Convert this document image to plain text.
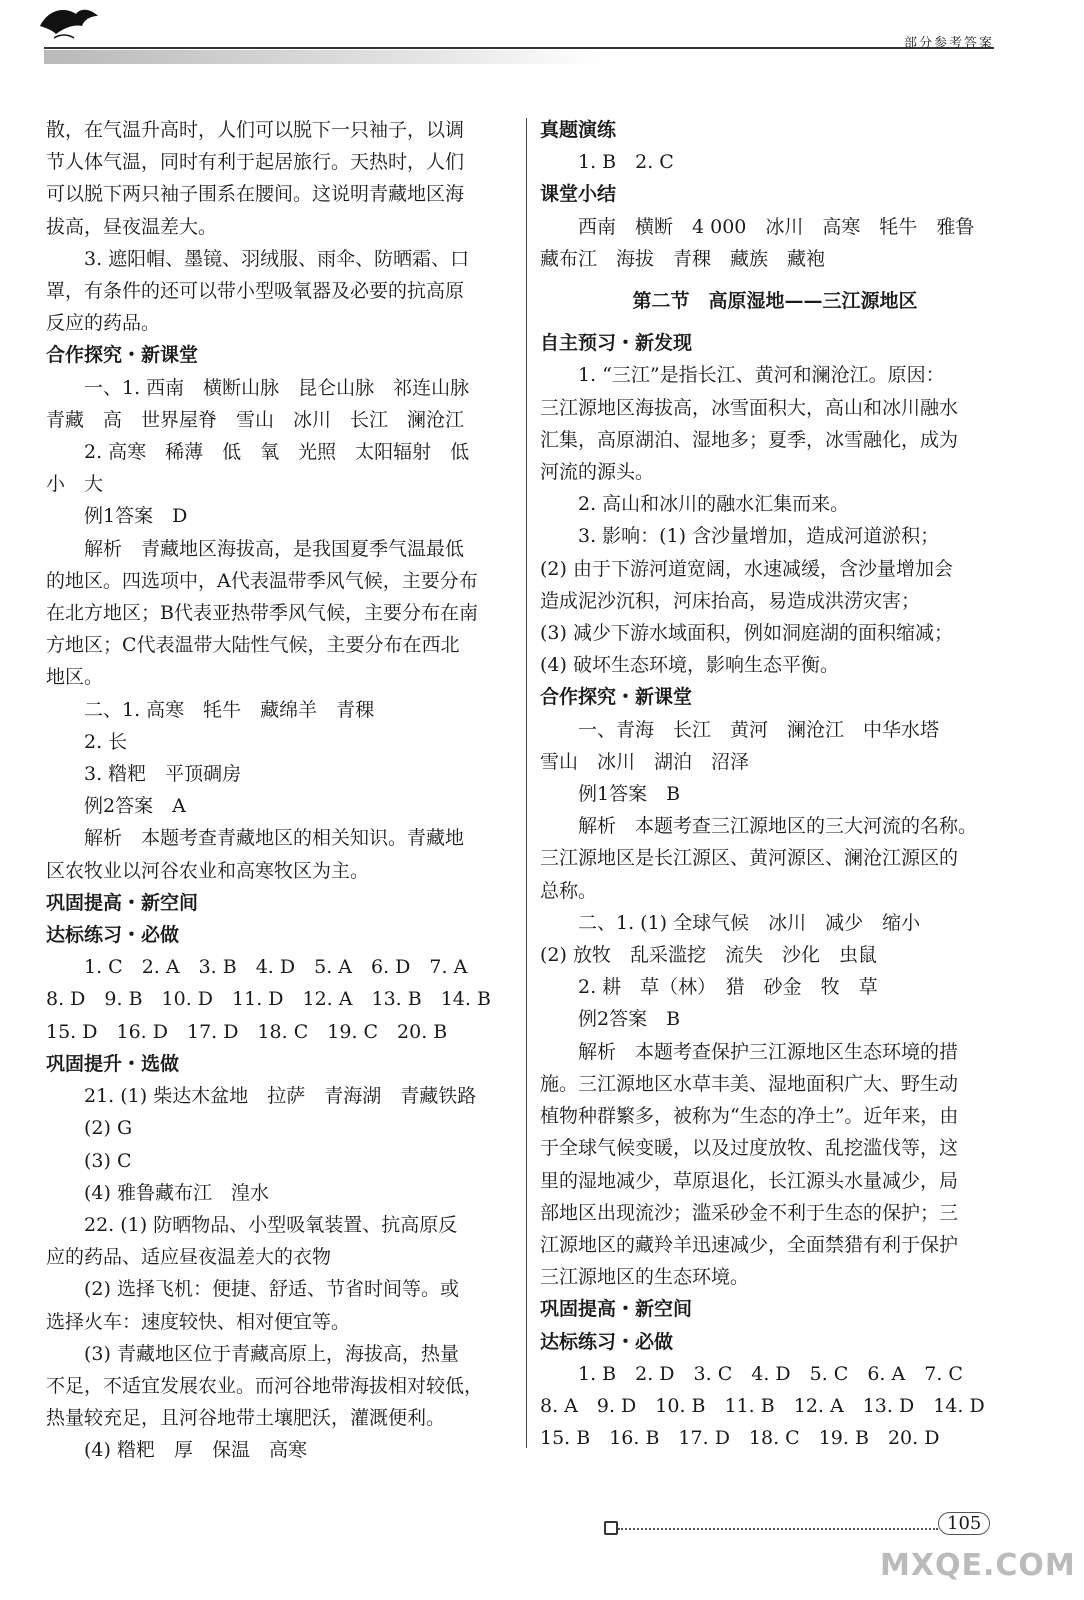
部分参考答案
散，在气温升高时，人们可以脱下一只袖子，以调
节人体气温，同时有利于起居旅行。天热时，人们
可以脱下两只袖子围系在腰间。这说明青藏地区海
拔高，昼夜温差大。
3. 遮阳帽、墨镜、羽绒服、雨伞、防晒霜、口
罩，有条件的还可以带小型吸氧器及必要的抗高原
反应的药品。
合作探究・新课堂
一、1. 西南　横断山脉　昆仑山脉　祁连山脉
青藏　高　世界屋脊　雪山　冰川　长江　澜沧江
2. 高寒　稀薄　低　氧　光照　太阳辐射　低
小　大
例1答案　D
解析　青藏地区海拔高，是我国夏季气温最低
的地区。四选项中，A代表温带季风气候，主要分布
在北方地区；B代表亚热带季风气候，主要分布在南
方地区；C代表温带大陆性气候，主要分布在西北
地区。
二、1. 高寒　牦牛　藏绵羊　青稞
2. 长
3. 糌粑　平顶碉房
例2答案　A
解析　本题考查青藏地区的相关知识。青藏地
区农牧业以河谷农业和高寒牧区为主。
巩固提高・新空间
达标练习・必做
1. C　2. A　3. B　4. D　5. A　6. D　7. A
8. D　9. B　10. D　11. D　12. A　13. B　14. B
15. D　16. D　17. D　18. C　19. C　20. B
巩固提升・选做
21. (1) 柴达木盆地　拉萨　青海湖　青藏铁路
(2) G
(3) C
(4) 雅鲁藏布江　湟水
22. (1) 防晒物品、小型吸氧装置、抗高原反
应的药品、适应昼夜温差大的衣物
(2) 选择飞机：便捷、舒适、节省时间等。或
选择火车：速度较快、相对便宜等。
(3) 青藏地区位于青藏高原上，海拔高，热量
不足，不适宜发展农业。而河谷地带海拔相对较低，
热量较充足，且河谷地带土壤肥沃，灌溉便利。
(4) 糌粑　厚　保温　高寒
真题演练
1. B　2. C
课堂小结
西南　横断　4 000　冰川　高寒　牦牛　雅鲁
藏布江　海拔　青稞　藏族　藏袍
第二节　高原湿地——三江源地区
自主预习・新发现
1. “三江”是指长江、黄河和澜沧江。原因：
三江源地区海拔高，冰雪面积大，高山和冰川融水
汇集，高原湖泊、湿地多；夏季，冰雪融化，成为
河流的源头。
2. 高山和冰川的融水汇集而来。
3. 影响：(1) 含沙量增加，造成河道淤积；
(2) 由于下游河道宽阔，水速减缓，含沙量增加会
造成泥沙沉积，河床抬高，易造成洪涝灾害；
(3) 减少下游水域面积，例如洞庭湖的面积缩减；
(4) 破坏生态环境，影响生态平衡。
合作探究・新课堂
一、青海　长江　黄河　澜沧江　中华水塔
雪山　冰川　湖泊　沼泽
例1答案　B
解析　本题考查三江源地区的三大河流的名称。
三江源地区是长江源区、黄河源区、澜沧江源区的
总称。
二、1. (1) 全球气候　冰川　减少　缩小
(2) 放牧　乱采滥挖　流失　沙化　虫鼠
2. 耕　草（林）　猎　砂金　牧　草
例2答案　B
解析　本题考查保护三江源地区生态环境的措
施。三江源地区水草丰美、湿地面积广大、野生动
植物种群繁多，被称为“生态的净土”。近年来，由
于全球气候变暖，以及过度放牧、乱挖滥伐等，这
里的湿地减少，草原退化，长江源头水量减少，局
部地区出现流沙；滥采砂金不利于生态的保护；三
江源地区的藏羚羊迅速减少，全面禁猎有利于保护
三江源地区的生态环境。
巩固提高・新空间
达标练习・必做
1. B　2. D　3. C　4. D　5. C　6. A　7. C
8. A　9. D　10. B　11. B　12. A　13. D　14. D
15. B　16. B　17. D　18. C　19. B　20. D
105
MXQE.COM
